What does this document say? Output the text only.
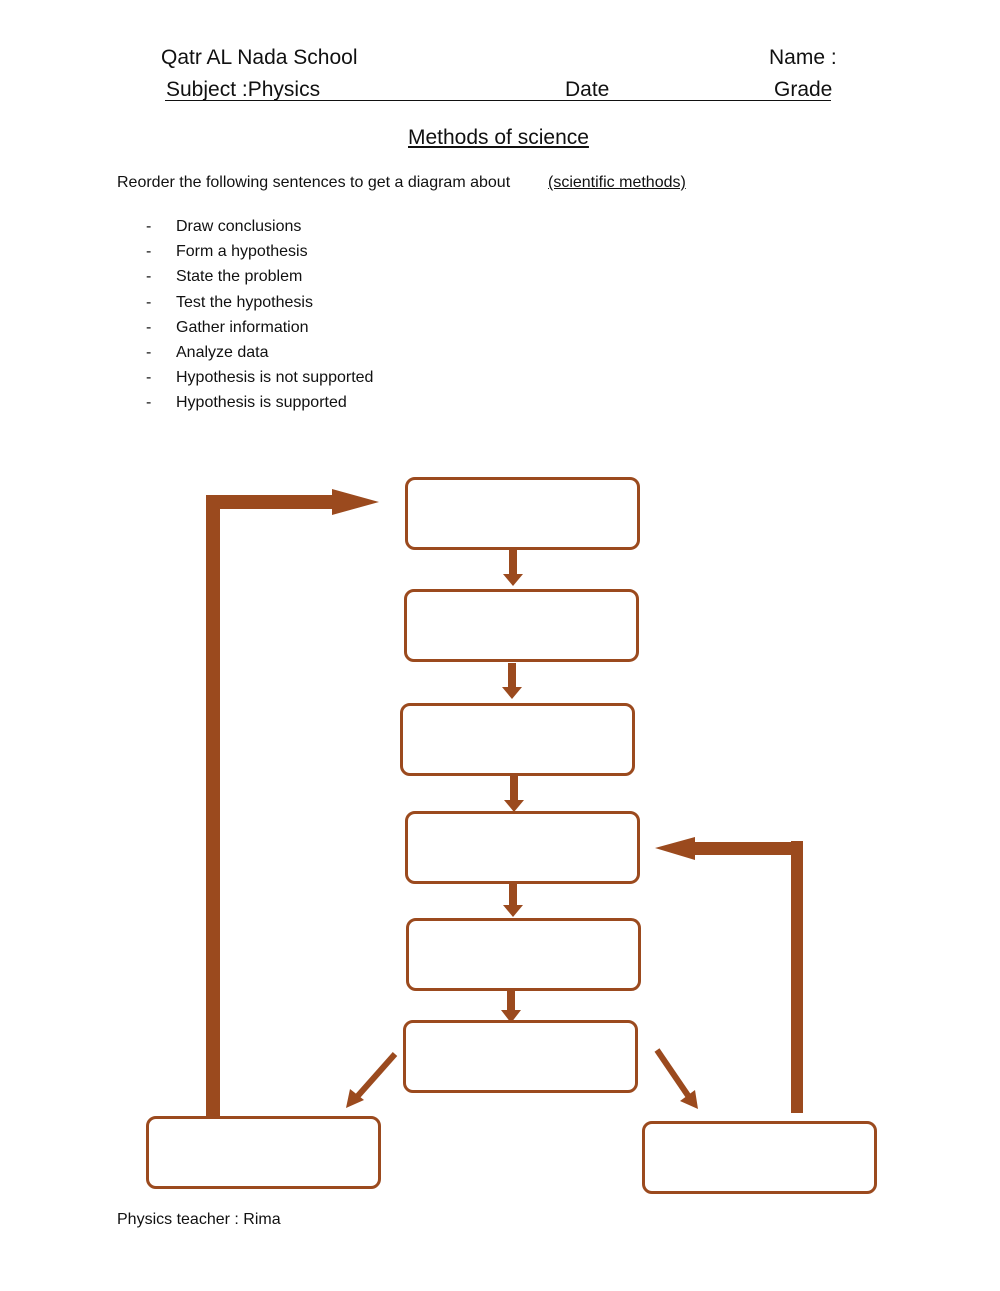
Qatr AL Nada School	Name :
Subject :Physics	Date	Grade
Methods of science
Reorder the following sentences to get a diagram about (scientific methods)
- Draw conclusions
- Form a hypothesis
- State the problem
- Test the hypothesis
- Gather information
- Analyze data
- Hypothesis is not supported
- Hypothesis is supported
Physics teacher : Rima
